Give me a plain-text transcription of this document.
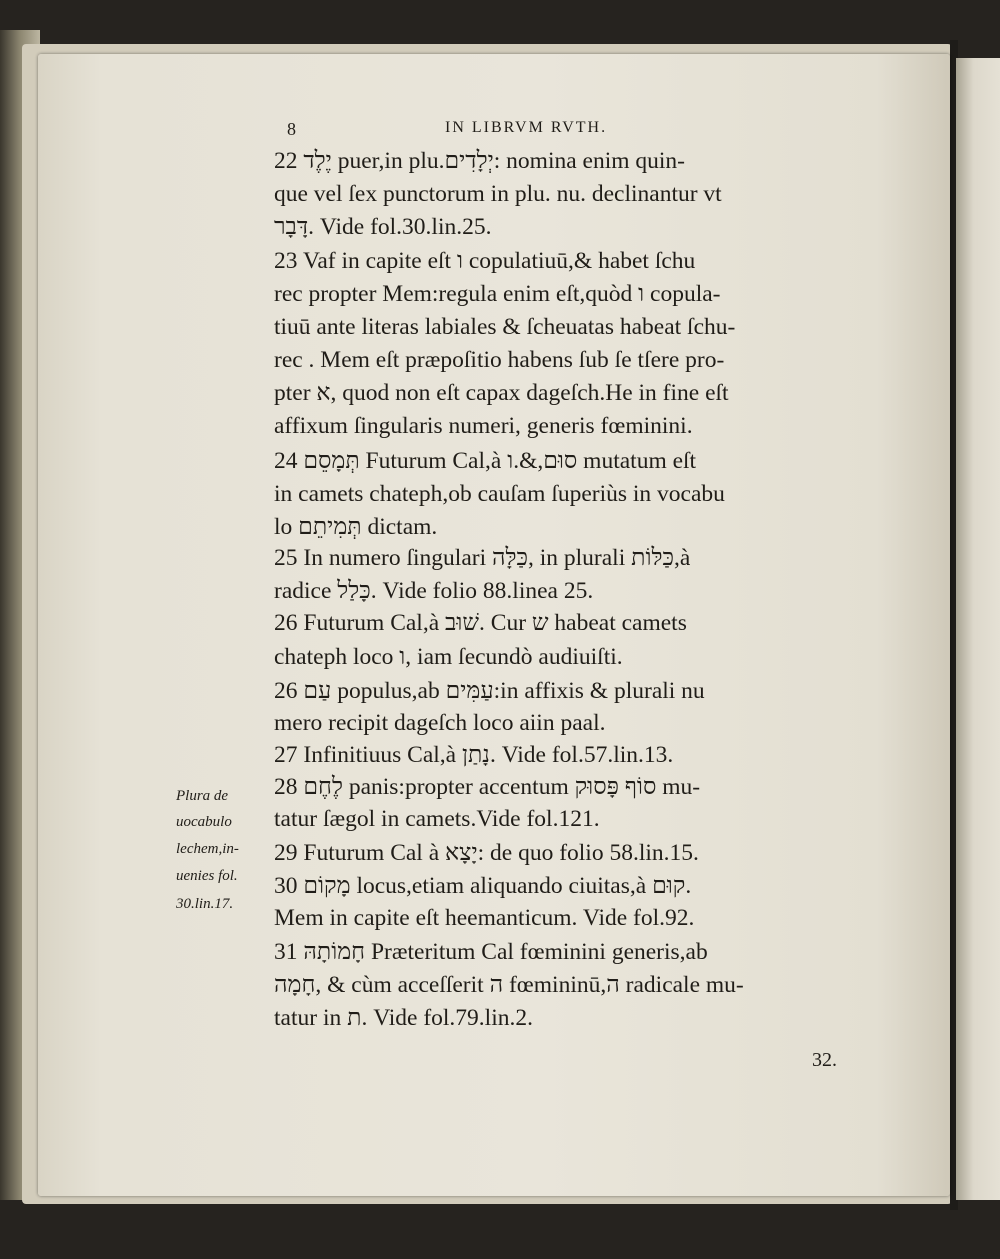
8	IN LIBRVM RVTH.
22 יֶלֶד puer,in plu.יְלָדִים: nomina enim quin-
que vel ſex punctorum in plu. nu. declinantur vt
דָּבָר. Vide fol.30.lin.25.
23 Vaf in capite eſt ו copulatiuū,& habet ſchu
rec propter Mem:regula enim eſt,quòd ו copula-
tiuū ante literas labiales & ſcheuatas habeat ſchu-
rec . Mem eſt præpoſitio habens ſub ſe tſere pro-
pter א, quod non eſt capax dageſch.He in fine eſt
affixum ſingularis numeri, generis fœminini.
24 תְּמָסֵם Futurum Cal,à סוּם,&.ו mutatum eſt
in camets chateph,ob cauſam ſuperiùs in vocabu
lo תְּמִיתֵם dictam.
25 In numero ſingulari כַּלָּה, in plurali כַּלּוֹת,à
radice כָּלַל. Vide folio 88.linea 25.
26 Futurum Cal,à שׁוּב. Cur ש habeat camets
chateph loco ו, iam ſecundò audiuiſti.
26 עַם populus,ab עַמִּים:in affixis & plurali nu
mero recipit dageſch loco aiin paal.
27 Infinitiuus Cal,à נָתַן. Vide fol.57.lin.13.
28 לֶחֶם panis:propter accentum סוֹף פָּסוּק mu-
tatur ſægol in camets.Vide fol.121.
29 Futurum Cal à יָצָא: de quo folio 58.lin.15.
30 מָקוֹם locus,etiam aliquando ciuitas,à קוּם.
Mem in capite eſt heemanticum. Vide fol.92.
31 חָמוֹתָהּ Præteritum Cal fœminini generis,ab
חָמָה, & cùm acceſſerit ה fœmininū,ה radicale mu-
tatur in ת. Vide fol.79.lin.2.
Plura de
uocabulo
lechem,in-
uenies fol.
30.lin.17.
32.
